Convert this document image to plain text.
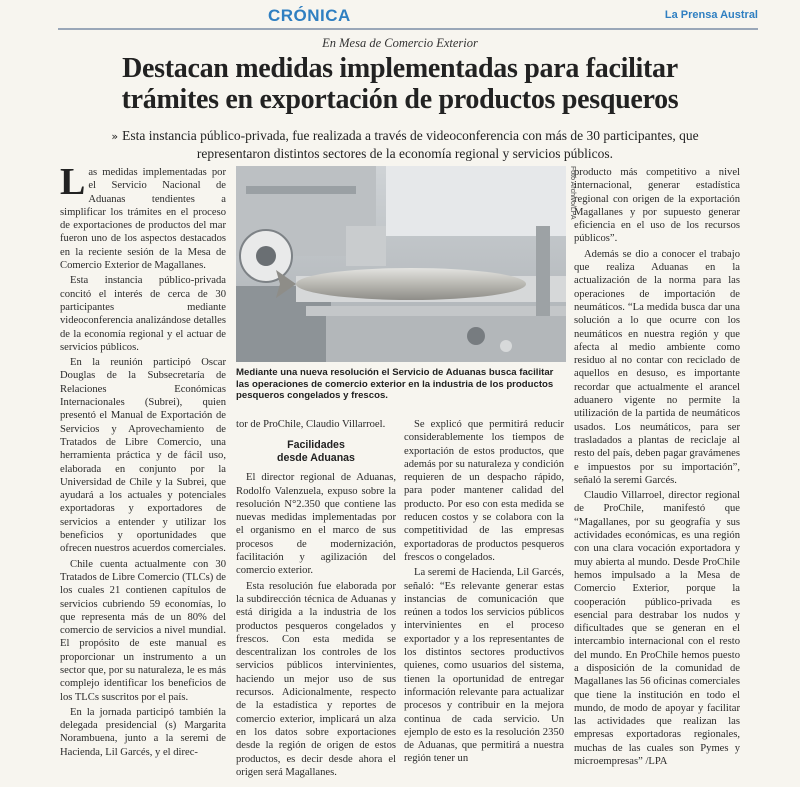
CRÓNICA	La Prensa Austral
En Mesa de Comercio Exterior
Destacan medidas implementadas para facilitar
trámites en exportación de productos pesqueros
» Esta instancia público-privada, fue realizada a través de videoconferencia con más de 30 participantes, que representaron distintos sectores de la economía regional y servicios públicos.
L as medidas implementadas por el Servicio Nacional de Aduanas tendientes a simplificar los trámites en el proceso de exportaciones de productos del mar fueron uno de los aspectos destacados en la reciente sesión de la Mesa de Comercio Exterior de Magallanes.

Esta instancia público-privada concitó el interés de cerca de 30 participantes mediante videoconferencia analizándose detalles de la economía regional y el actuar de servicios públicos.

En la reunión participó Oscar Douglas de la Subsecretaría de Relaciones Económicas Internacionales (Subrei), quien presentó el Manual de Exportación de Servicios y Aprovechamiento de Tratados de Libre Comercio, una herramienta práctica y de fácil uso, elaborada en conjunto por la Universidad de Chile y la Subrei, que ayudará a los actuales y potenciales exportadoras y exportadores de servicios a entender y utilizar los beneficios y oportunidades que ofrecen nuestros acuerdos comerciales.

Chile cuenta actualmente con 30 Tratados de Libre Comercio (TLCs) de los cuales 21 contienen capítulos de servicios cubriendo 59 economías, lo que representa más de un 80% del comercio de servicios a nivel mundial. El propósito de este manual es proporcionar un instrumento a un sector que, por su naturaleza, le es más complejo identificar los beneficios de los TLCs suscritos por el país.

En la jornada participó también la delegada presidencial (s) Margarita Norambuena, junto a la seremi de Hacienda, Lil Garcés, y el direc-

Foto Archivo/LPA
Mediante una nueva resolución el Servicio de Aduanas busca facilitar las operaciones de comercio exterior en la industria de los productos pesqueros congelados y frescos.

tor de ProChile, Claudio Villarroel.

Facilidades
desde Aduanas

El director regional de Aduanas, Rodolfo Valenzuela, expuso sobre la resolución N°2.350 que contiene las nuevas medidas implementadas por el organismo en el marco de sus procesos de modernización, facilitación y agilización del comercio exterior.

Esta resolución fue elaborada por la subdirección técnica de Aduanas y está dirigida a la industria de los productos pesqueros congelados y frescos. Con esta medida se descentralizan los controles de los servicios públicos intervinientes, haciendo un mejor uso de sus recursos. Adicionalmente, respecto de la estadística y reportes de comercio exterior, implicará un alza en los datos sobre exportaciones desde la región de origen de estos productos, es decir desde ahora el origen será Magallanes.

Se explicó que permitirá reducir considerablemente los tiempos de exportación de estos productos, que además por su naturaleza y condición requieren de un despacho rápido, para poder mantener calidad del producto. Por eso con esta medida se reducen costos y se colabora con la competitividad de las empresas exportadoras de productos pesqueros frescos o congelados.

La seremi de Hacienda, Lil Garcés, señaló: “Es relevante generar estas instancias de comunicación que reúnen a todos los servicios públicos intervinientes en el proceso exportador y a los representantes de los distintos sectores productivos quienes, como usuarios del sistema, tienen la oportunidad de entregar información relevante para actualizar procesos y contribuir en la mejora continua de cada servicio. Un ejemplo de esto es la resolución 2350 de Aduanas, que permitirá a nuestra región tener un

producto más competitivo a nivel internacional, generar estadística regional con origen de la exportación Magallanes y por supuesto generar eficiencia en el uso de los recursos públicos”.

Además se dio a conocer el trabajo que realiza Aduanas en la actualización de la norma para las operaciones de importación de neumáticos. “La medida busca dar una solución a lo que ocurre con los neumáticos en nuestra región y que afecta al medio ambiente como residuo al no contar con reciclado de aquellos en desuso, es importante recordar que actualmente el arancel aduanero vigente no permite la utilización de la partida de neumáticos usados. Los neumáticos, para ser trasladados a plantas de reciclaje al resto del país, deben pagar gravámenes e impuestos por su importación”, señaló la seremi Garcés.

Claudio Villarroel, director regional de ProChile, manifestó que “Magallanes, por su geografía y sus actividades económicas, es una región con una clara vocación exportadora y muy abierta al mundo. Desde ProChile hemos impulsado a la Mesa de Comercio Exterior, porque la cooperación público-privada es esencial para destrabar los nudos y dificultades que se generan en el intercambio internacional con el resto del mundo. En ProChile hemos puesto a disposición de la comunidad de Magallanes las 56 oficinas comerciales que tiene la institución en todo el mundo, de modo de apoyar y facilitar las actividades que realizan las empresas exportadoras regionales, muchas de las cuales son Pymes y microempresas” /LPA
